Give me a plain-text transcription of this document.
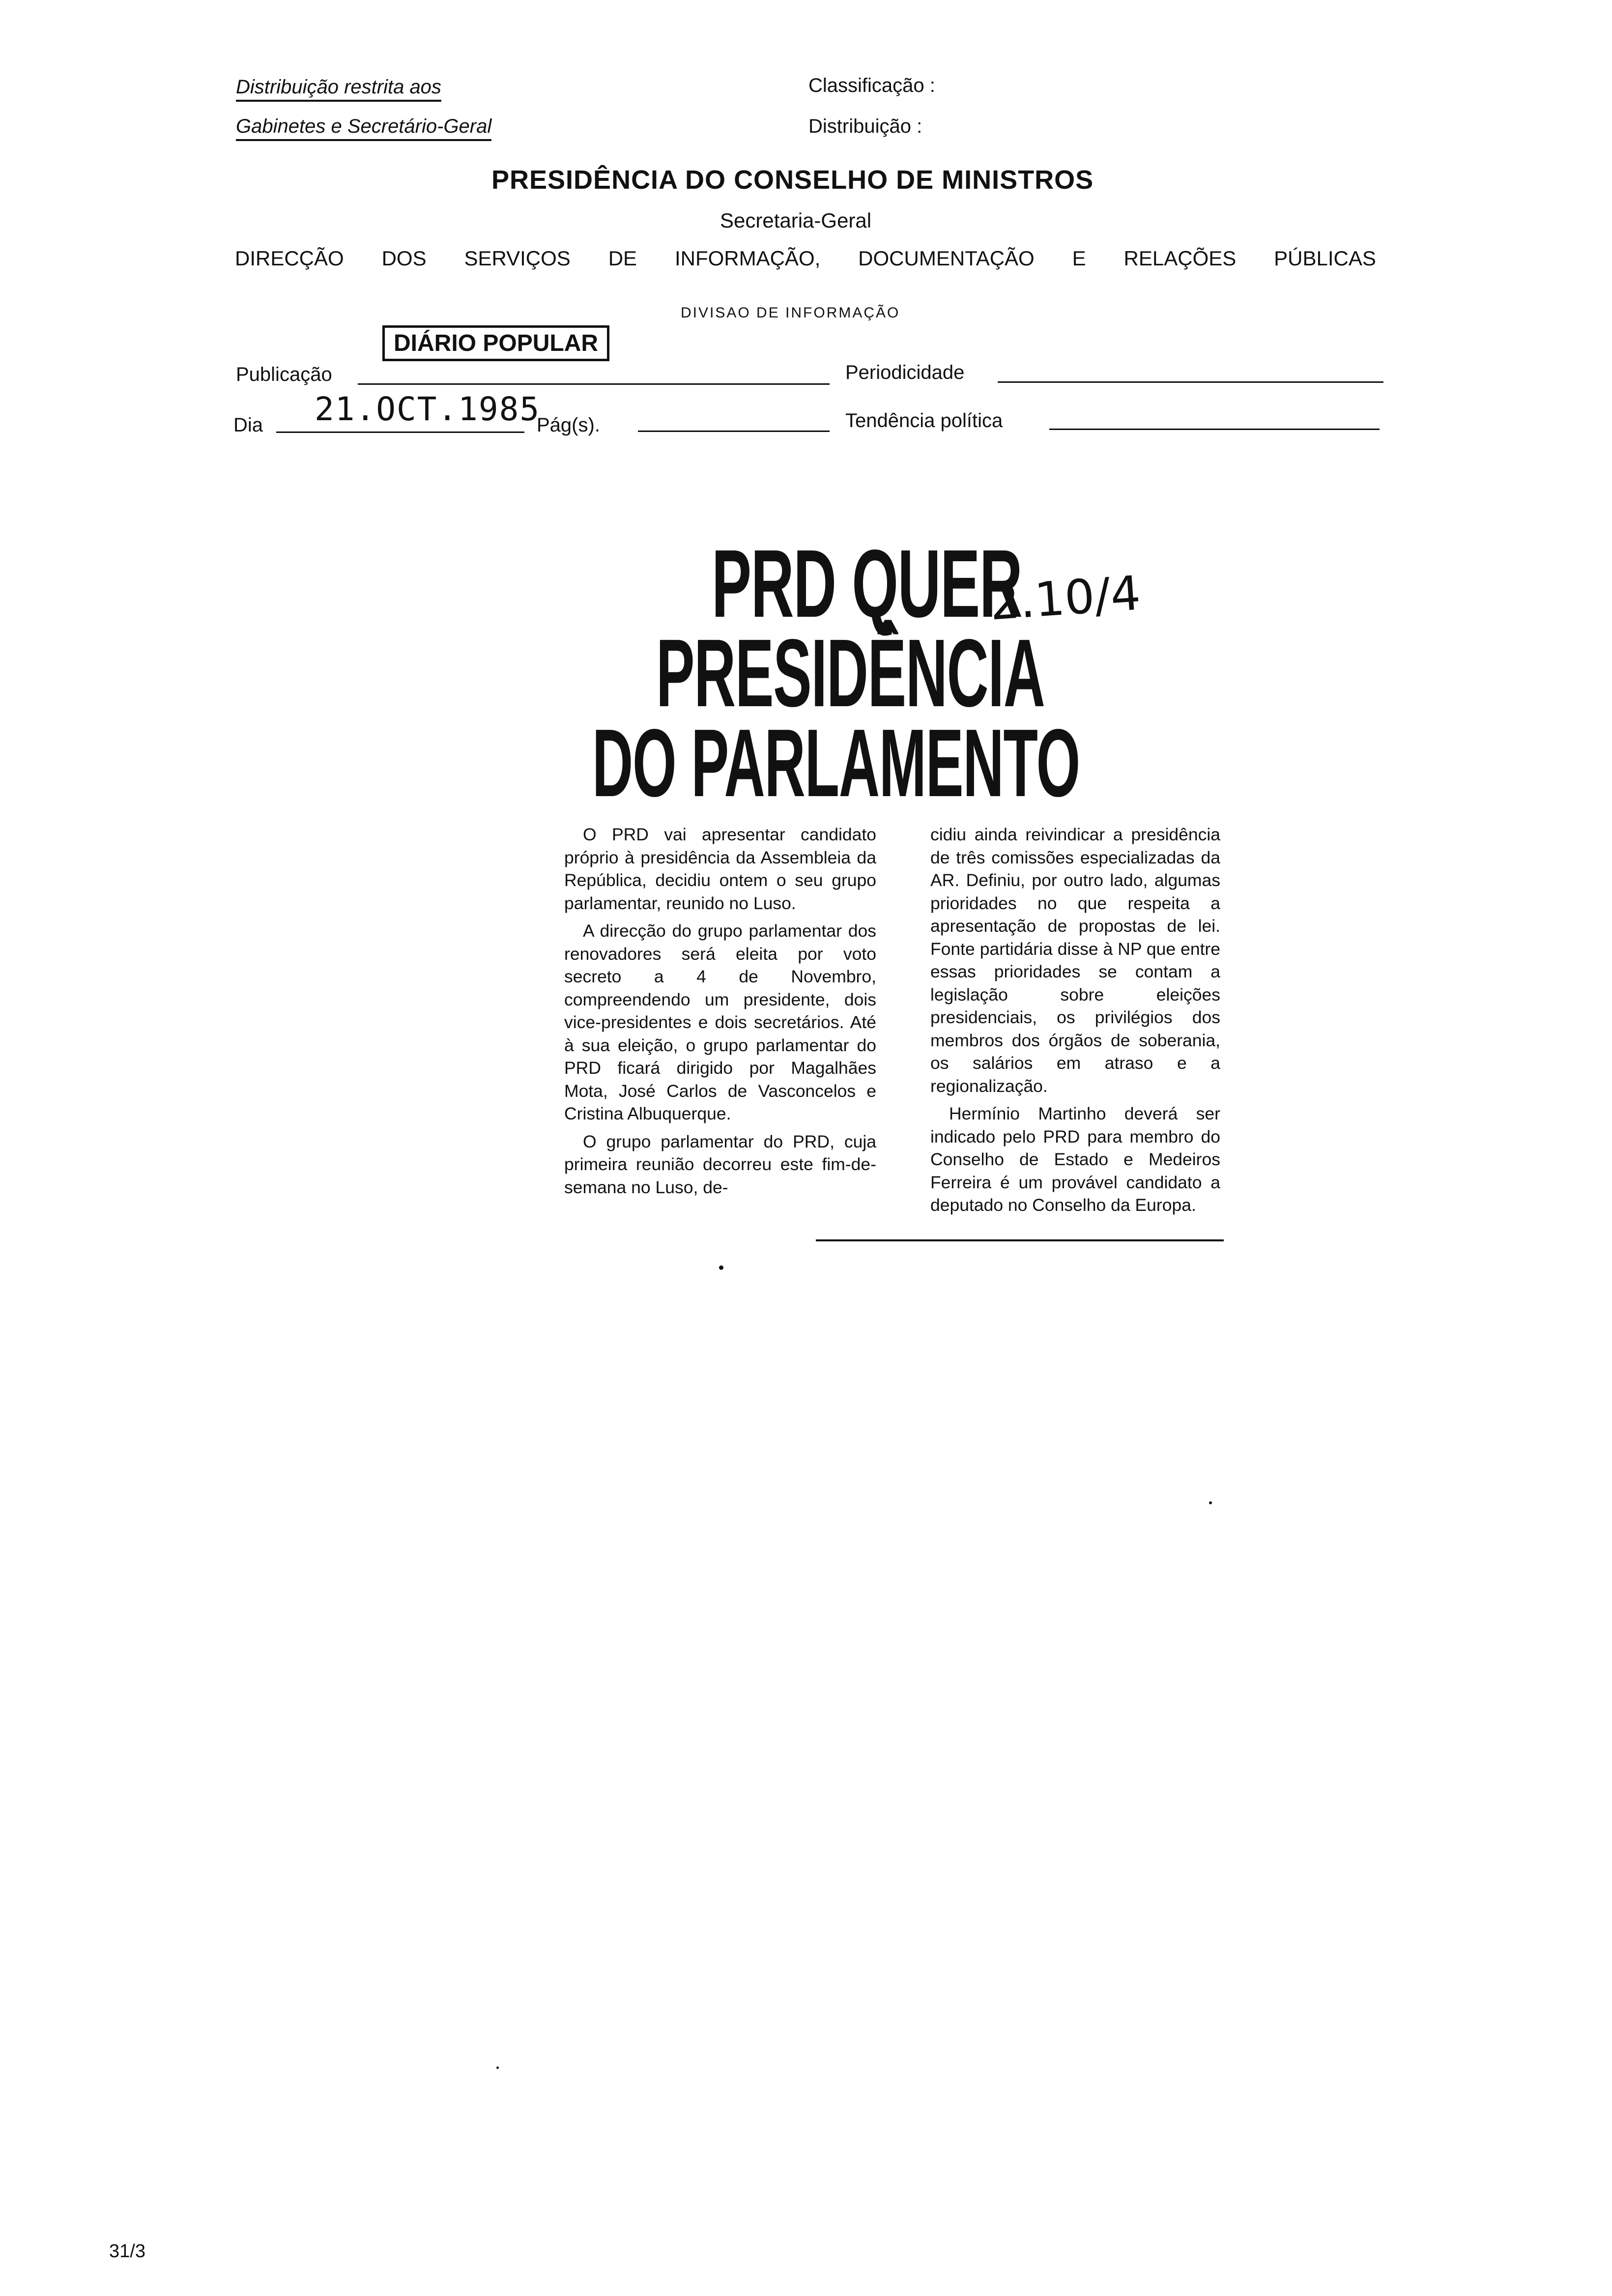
Distribuição restrita aos
Gabinetes e Secretário-Geral
Classificação :
Distribuição :
PRESIDÊNCIA DO CONSELHO DE MINISTROS
Secretaria-Geral
DIRECÇÃO DOS SERVIÇOS DE INFORMAÇÃO, DOCUMENTAÇÃO E RELAÇÕES PÚBLICAS
DIVISAO DE INFORMAÇÃO
DIÁRIO POPULAR
Publicação	Periodicidade
Dia 21.OCT.1985
Pág(s).	Tendência política
PRD QUER
PRESIDÊNCIA
DO PARLAMENTO
2.10/4

O PRD vai apresentar candidato próprio à presidência da Assembleia da República, decidiu ontem o seu grupo parlamentar, reunido no Luso.

A direcção do grupo parlamentar dos renovadores será eleita por voto secreto a 4 de Novembro, compreendendo um presidente, dois vice-presidentes e dois secretários. Até à sua eleição, o grupo parlamentar do PRD ficará dirigido por Magalhães Mota, José Carlos de Vasconcelos e Cristina Albuquerque.

O grupo parlamentar do PRD, cuja primeira reunião decorreu este fim-de-semana no Luso, de-

cidiu ainda reivindicar a presidência de três comissões especializadas da AR. Definiu, por outro lado, algumas prioridades no que respeita a apresentação de propostas de lei. Fonte partidária disse à NP que entre essas prioridades se contam a legislação sobre eleições presidenciais, os privilégios dos membros dos órgãos de soberania, os salários em atraso e a regionalização.

Hermínio Martinho deverá ser indicado pelo PRD para membro do Conselho de Estado e Medeiros Ferreira é um provável candidato a deputado no Conselho da Europa.

31/3
